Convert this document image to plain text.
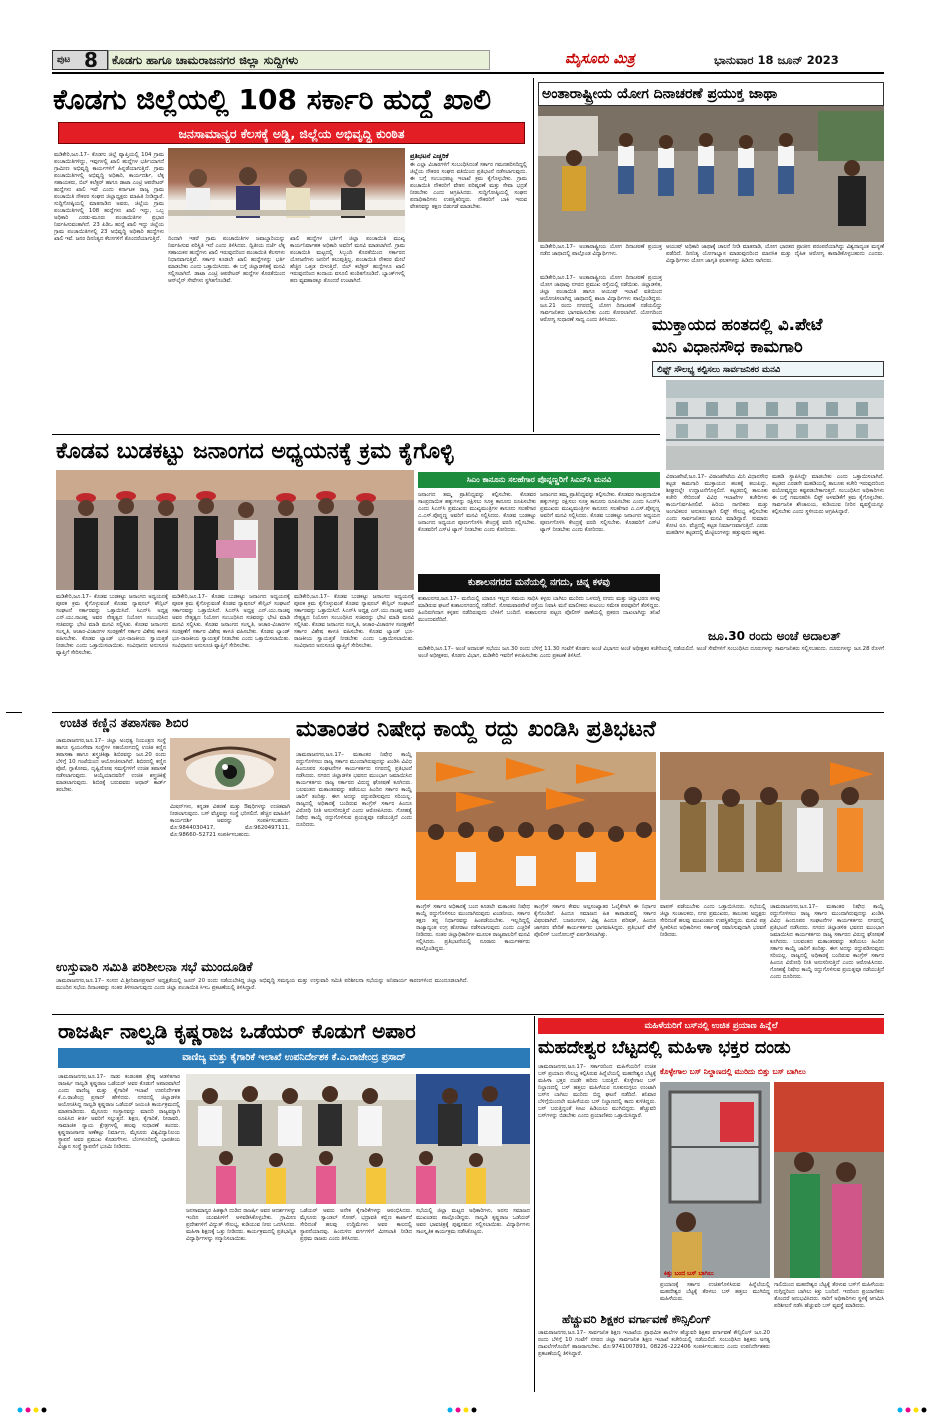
ಪುಟ 8 ಕೊಡಗು ಹಾಗೂ ಚಾಮರಾಜನಗರ ಜಿಲ್ಲಾ ಸುದ್ದಿಗಳು	ಮೈಸೂರು ಮಿತ್ರ	ಭಾನುವಾರ 18 ಜೂನ್ 2023
ಕೊಡಗು ಜಿಲ್ಲೆಯಲ್ಲಿ 108 ಸರ್ಕಾರಿ ಹುದ್ದೆ ಖಾಲಿ
ಜನಸಾಮಾನ್ಯರ ಕೆಲಸಕ್ಕೆ ಅಡ್ಡಿ, ಜಿಲ್ಲೆಯ ಅಭಿವೃದ್ಧಿ ಕುಂಠಿತ
ಮಡಿಕೇರಿ,ಜೂ.17– ಕೊಡಗು ಜಿಲ್ಲೆ ವ್ಯಾಪ್ತಿಯಲ್ಲಿ 104 ಗ್ರಾಮ ಪಂಚಾಯಿತಿಗಳಿದ್ದು, ಇವುಗಳಲ್ಲಿ ಖಾಲಿ ಹುದ್ದೆಗಳ ಭರ್ತಿಯಾಗದೆ ಗ್ರಾಮೀಣ ಅಭಿವೃದ್ಧಿ ಕಾರ್ಯಗಳಿಗೆ ಹಿನ್ನಡೆಯಾಗುತ್ತಿದೆ. ಗ್ರಾಮ ಪಂಚಾಯಿತಿಗಳಲ್ಲಿ ಅಭಿವೃದ್ಧಿ ಅಧಿಕಾರಿ, ಕಾರ್ಯದರ್ಶಿ, ಲೆಕ್ಕ ಸಹಾಯಕರು, ಬಿಲ್ ಕಲೆಕ್ಟರ್ ಹಾಗೂ ಡಾಟಾ ಎಂಟ್ರಿ ಆಪರೇಟರ್ ಹುದ್ದೆಗಳು ಖಾಲಿ ಇವೆ ಎಂದು ಕರ್ನಾಟಕ ರಾಜ್ಯ ಗ್ರಾಮ ಪಂಚಾಯಿತಿ ನೌಕರರ ಸಂಘದ ಜಿಲ್ಲಾಧ್ಯಕ್ಷರು ಮಾಹಿತಿ ನೀಡಿದ್ದಾರೆ. ಸುದ್ದಿಗೋಷ್ಠಿಯಲ್ಲಿ ಮಾತನಾಡಿದ ಅವರು, ಜಿಲ್ಲೆಯ ಗ್ರಾಮ ಪಂಚಾಯಿತಿಗಳಲ್ಲಿ 108 ಹುದ್ದೆಗಳು ಖಾಲಿ ಇದ್ದು, ಒಬ್ಬ ಅಧಿಕಾರಿ ಎರಡು-ಮೂರು ಪಂಚಾಯಿತಿಗಳ ಪ್ರಭಾರ ನಿರ್ವಹಿಸುವಂತಾಗಿದೆ. 23 ಪಿಡಿಒ ಹುದ್ದೆ ಖಾಲಿ ಇದ್ದು ಜಿಲ್ಲೆಯ ಗ್ರಾಮ ಪಂಚಾಯಿತಿಗಳಲ್ಲಿ 23 ಅಭಿವೃದ್ಧಿ ಅಧಿಕಾರಿ ಹುದ್ದೆಗಳು ಖಾಲಿ ಇವೆ. ಜನರ ದಿನನಿತ್ಯದ ಕೆಲಸಗಳಿಗೆ ತೊಂದರೆಯಾಗುತ್ತಿದೆ.	ದಿಂದಾಗಿ ಇತರೆ ಗ್ರಾಮ ಪಂಚಾಯಿತಿಗಳ ಜವಾಬ್ದಾರಿಯನ್ನು ನಿರ್ವಹಿಸುವ ಪರಿಸ್ಥಿತಿ ಇದೆ ಎಂದು ತಿಳಿಸಿದರು. ದ್ವಿತೀಯ ದರ್ಜೆ ಲೆಕ್ಕ ಸಹಾಯಕರ ಹುದ್ದೆಗಳು ಖಾಲಿ ಇರುವುದರಿಂದ ಪಂಚಾಯಿತಿ ಕೆಲಸಗಳು ನಿಧಾನವಾಗುತ್ತಿವೆ. ಸರ್ಕಾರ ಕೂಡಲೇ ಖಾಲಿ ಹುದ್ದೆಗಳನ್ನು ಭರ್ತಿ ಮಾಡಬೇಕು ಎಂದು ಒತ್ತಾಯಿಸಿದರು. ಈ ಬಗ್ಗೆ ಜಿಲ್ಲಾಡಳಿತಕ್ಕೆ ಮನವಿ ಸಲ್ಲಿಸಲಾಗಿದೆ. ಡಾಟಾ ಎಂಟ್ರಿ ಆಪರೇಟರ್ ಹುದ್ದೆಗಳ ಕೊರತೆಯಿಂದ ಆನ್‌ಲೈನ್ ಸೇವೆಗಳು ಸ್ಥಗಿತಗೊಂಡಿವೆ.
ಖಾಲಿ ಹುದ್ದೆಗಳ ಭರ್ತಿಗೆ ಜಿಲ್ಲಾ ಪಂಚಾಯಿತಿ ಮುಖ್ಯ ಕಾರ್ಯನಿರ್ವಾಹಕ ಅಧಿಕಾರಿ ಅವರಿಗೆ ಮನವಿ ಮಾಡಲಾಗಿದೆ. ಗ್ರಾಮ ಪಂಚಾಯಿತಿ ಮಟ್ಟದಲ್ಲಿ ಸಿಬ್ಬಂದಿ ಕೊರತೆಯಿಂದ ಸರ್ಕಾರದ ಯೋಜನೆಗಳು ಜನರಿಗೆ ತಲುಪುತ್ತಿಲ್ಲ. ಪಂಚಾಯಿತಿ ನೌಕರರ ಮೇಲೆ ಹೆಚ್ಚಿನ ಒತ್ತಡ ಬೀಳುತ್ತಿದೆ. ಬಿಲ್ ಕಲೆಕ್ಟರ್ ಹುದ್ದೆಗಳೂ ಖಾಲಿ ಇರುವುದರಿಂದ ಕಂದಾಯ ವಸೂಲಿ ಕುಂಠಿತಗೊಂಡಿದೆ. ಬ್ಯಾಂಕ್‌ಗಳಲ್ಲಿ ಹಣ ವ್ಯವಹಾರಕ್ಕೂ ತೊಂದರೆ ಉಂಟಾಗಿದೆ.
ಪ್ರತಿಭಟನೆ ಎಚ್ಚರಿಕೆ
ಈ ಎಲ್ಲಾ ವಿಚಾರಗಳಿಗೆ ಸಂಬಂಧಿಸಿದಂತೆ ಸರ್ಕಾರ ಗಮನಹರಿಸದಿದ್ದಲ್ಲಿ ಜಿಲ್ಲೆಯ ನೌಕರರ ಸಂಘದ ವತಿಯಿಂದ ಪ್ರತಿಭಟನೆ ನಡೆಸಲಾಗುವುದು. ಈ ಬಗ್ಗೆ ಸಂಬಂಧಪಟ್ಟ ಇಲಾಖೆ ಕ್ರಮ ಕೈಗೊಳ್ಳಬೇಕು. ಗ್ರಾಮ ಪಂಚಾಯಿತಿ ನೌಕರರಿಗೆ ವೇತನ ಪರಿಷ್ಕರಣೆ ಮತ್ತು ಸೇವಾ ಭದ್ರತೆ ನೀಡಬೇಕು ಎಂದು ಆಗ್ರಹಿಸಿದರು. ಸುದ್ದಿಗೋಷ್ಠಿಯಲ್ಲಿ ಸಂಘದ ಪದಾಧಿಕಾರಿಗಳು ಉಪಸ್ಥಿತರಿದ್ದರು. ನೌಕರರಿಗೆ ಬಾಕಿ ಇರುವ ವೇತನವನ್ನು ತಕ್ಷಣ ಬಿಡುಗಡೆ ಮಾಡಬೇಕು.
ಅಂತಾರಾಷ್ಟ್ರೀಯ ಯೋಗ ದಿನಾಚರಣೆ ಪ್ರಯುಕ್ತ ಜಾಥಾ
ಮಡಿಕೇರಿ,ಜೂ.17– ಅಂತಾರಾಷ್ಟ್ರೀಯ ಯೋಗ ದಿನಾಚರಣೆ ಪ್ರಯುಕ್ತ ನಡೆದ ಜಾಥಾದಲ್ಲಿ ಪಾಲ್ಗೊಂಡ ವಿದ್ಯಾರ್ಥಿಗಳು.
ಮಡಿಕೇರಿ,ಜೂ.17– ಅಂತಾರಾಷ್ಟ್ರೀಯ ಯೋಗ ದಿನಾಚರಣೆ ಪ್ರಯುಕ್ತ ಯೋಗ ಜಾಥಾವು ನಗರದ ಪ್ರಮುಖ ರಸ್ತೆಯಲ್ಲಿ ನಡೆಯಿತು. ಜಿಲ್ಲಾಡಳಿತ, ಜಿಲ್ಲಾ ಪಂಚಾಯಿತಿ ಹಾಗೂ ಆಯುಷ್ ಇಲಾಖೆ ವತಿಯಿಂದ ಆಯೋಜಿಸಲಾಗಿದ್ದ ಜಾಥಾದಲ್ಲಿ ಶಾಲಾ ವಿದ್ಯಾರ್ಥಿಗಳು ಪಾಲ್ಗೊಂಡಿದ್ದರು. ಜೂ.21 ರಂದು ನಗರದಲ್ಲಿ ಯೋಗ ದಿನಾಚರಣೆ ನಡೆಯಲಿದ್ದು ಸಾರ್ವಜನಿಕರು ಭಾಗವಹಿಸಬೇಕು ಎಂದು ಕೋರಲಾಗಿದೆ. ಯೋಗದಿಂದ ಆರೋಗ್ಯ ಸುಧಾರಣೆ ಸಾಧ್ಯ ಎಂದು ತಿಳಿಸಿದರು.
ಆಯುಷ್ ಅಧಿಕಾರಿ ಜಾಥಾಕ್ಕೆ ಚಾಲನೆ ನೀಡಿ ಮಾತನಾಡಿ, ಯೋಗ ಭಾರತದ ಪ್ರಾಚೀನ ಪರಂಪರೆಯಾಗಿದ್ದು ವಿಶ್ವದಾದ್ಯಂತ ಮನ್ನಣೆ ಪಡೆದಿದೆ. ದಿನನಿತ್ಯ ಯೋಗಾಭ್ಯಾಸ ಮಾಡುವುದರಿಂದ ಮಾನಸಿಕ ಮತ್ತು ದೈಹಿಕ ಆರೋಗ್ಯ ಕಾಪಾಡಿಕೊಳ್ಳಬಹುದು ಎಂದರು. ವಿದ್ಯಾರ್ಥಿಗಳು ಯೋಗ ಜಾಗೃತಿ ಫಲಕಗಳನ್ನು ಹಿಡಿದು ಸಾಗಿದರು.
ಮುಕ್ತಾಯದ ಹಂತದಲ್ಲಿ ವಿ.ಪೇಟೆ
ಮಿನಿ ವಿಧಾನಸೌಧ ಕಾಮಗಾರಿ
ಲಿಫ್ಟ್ ಸೌಲಭ್ಯ ಕಲ್ಪಿಸಲು ಸಾರ್ವಜನಿಕರ ಮನವಿ
ವಿರಾಜಪೇಟೆ,ಜೂ.17– ವಿರಾಜಪೇಟೆಯ ಮಿನಿ ವಿಧಾನಸೌಧ ಕಟ್ಟಡ ಕಾಮಗಾರಿ ಮುಕ್ತಾಯದ ಹಂತಕ್ಕೆ ತಲುಪಿದ್ದು, ಶೀಘ್ರದಲ್ಲೇ ಉದ್ಘಾಟನೆಗೊಳ್ಳಲಿದೆ. ಕಟ್ಟಡದಲ್ಲಿ ತಾಲೂಕು ಕಚೇರಿ ಸೇರಿದಂತೆ ವಿವಿಧ ಇಲಾಖೆಗಳ ಕಚೇರಿಗಳು ಕಾರ್ಯನಿರ್ವಹಿಸಲಿವೆ. ಹಿರಿಯ ನಾಗರಿಕರು ಮತ್ತು ಅಂಗವಿಕಲರ ಅನುಕೂಲಕ್ಕಾಗಿ ಲಿಫ್ಟ್ ಸೌಲಭ್ಯ ಕಲ್ಪಿಸಬೇಕು ಎಂದು ಸಾರ್ವಜನಿಕರು ಮನವಿ ಮಾಡಿದ್ದಾರೆ. ಸುಮಾರು ಕೋಟಿ ರೂ. ವೆಚ್ಚದಲ್ಲಿ ಕಟ್ಟಡ ನಿರ್ಮಾಣವಾಗುತ್ತಿದೆ. ಎರಡು ಮಹಡಿಗಳ ಕಟ್ಟಡದಲ್ಲಿ ಮೆಟ್ಟಿಲುಗಳನ್ನು ಹತ್ತುವುದು ಕಷ್ಟಕರ.
ಮಹಡಿ ಸ್ಥಾಪಿಸಿದ್ದೇ ಮಾಡಬೇಕು ಎಂದು ಒತ್ತಾಯಿಸಲಾಗಿದೆ. ಕಟ್ಟಡದ ಎರಡನೇ ಮಹಡಿಯಲ್ಲಿ ತಾಲೂಕು ಕಚೇರಿ ಇರುವುದರಿಂದ ವಯೋವೃದ್ಧರು ಕಷ್ಟಪಡಬೇಕಾಗುತ್ತದೆ. ಸಂಬಂಧಿಸಿದ ಅಧಿಕಾರಿಗಳು ಈ ಬಗ್ಗೆ ಗಮನಹರಿಸಿ ಲಿಫ್ಟ್ ಅಳವಡಿಕೆಗೆ ಕ್ರಮ ಕೈಗೊಳ್ಳಬೇಕು. ಸಾರ್ವಜನಿಕ ಶೌಚಾಲಯ, ಕುಡಿಯುವ ನೀರಿನ ವ್ಯವಸ್ಥೆಯನ್ನೂ ಕಲ್ಪಿಸಬೇಕು ಎಂದು ಸ್ಥಳೀಯರು ಆಗ್ರಹಿಸಿದ್ದಾರೆ.
ಕೊಡವ ಬುಡಕಟ್ಟು ಜನಾಂಗದ ಅಧ್ಯಯನಕ್ಕೆ ಕ್ರಮ ಕೈಗೊಳ್ಳಿ
ಮಡಿಕೇರಿ,ಜೂ.17– ಕೊಡವ ಬುಡಕಟ್ಟು ಜನಾಂಗದ ಅಧ್ಯಯನಕ್ಕೆ ಪೂರಕ ಕ್ರಮ ಕೈಗೊಳ್ಳುವಂತೆ ಕೊಡವ ನ್ಯಾಷನಲ್ ಕೌನ್ಸಿಲ್ ಸಂಘಟನೆ ಸರ್ಕಾರವನ್ನು ಒತ್ತಾಯಿಸಿದೆ. ಸಿಎನ್‌ಸಿ ಅಧ್ಯಕ್ಷ ಎನ್.ಯು.ನಾಚಪ್ಪ ಅವರ ನೇತೃತ್ವದ ನಿಯೋಗ ಸಂಬಂಧಿಸಿದ ಸಚಿವರನ್ನು ಭೇಟಿ ಮಾಡಿ ಮನವಿ ಸಲ್ಲಿಸಿತು. ಕೊಡವ ಜನಾಂಗದ ಸಂಸ್ಕೃತಿ, ಆಚಾರ-ವಿಚಾರಗಳ ಸಂರಕ್ಷಣೆಗೆ ಸರ್ಕಾರ ವಿಶೇಷ ಕಾಳಜಿ ವಹಿಸಬೇಕು. ಕೊಡವ ಲ್ಯಾಂಡ್ ಭೂ-ರಾಜಕೀಯ ಸ್ವಾಯತ್ತತೆ ನೀಡಬೇಕು ಎಂದು ಒತ್ತಾಯಿಸಲಾಯಿತು. ಸಂವಿಧಾನದ ಅನುಸೂಚಿ ವ್ಯಾಪ್ತಿಗೆ ಸೇರಿಸಬೇಕು.
ಮಡಿಕೇರಿ,ಜೂ.17– ಕೊಡವ ಬುಡಕಟ್ಟು ಜನಾಂಗದ ಅಧ್ಯಯನಕ್ಕೆ ಪೂರಕ ಕ್ರಮ ಕೈಗೊಳ್ಳುವಂತೆ ಕೊಡವ ನ್ಯಾಷನಲ್ ಕೌನ್ಸಿಲ್ ಸಂಘಟನೆ ಸರ್ಕಾರವನ್ನು ಒತ್ತಾಯಿಸಿದೆ. ಸಿಎನ್‌ಸಿ ಅಧ್ಯಕ್ಷ ಎನ್.ಯು.ನಾಚಪ್ಪ ಅವರ ನೇತೃತ್ವದ ನಿಯೋಗ ಸಂಬಂಧಿಸಿದ ಸಚಿವರನ್ನು ಭೇಟಿ ಮಾಡಿ ಮನವಿ ಸಲ್ಲಿಸಿತು. ಕೊಡವ ಜನಾಂಗದ ಸಂಸ್ಕೃತಿ, ಆಚಾರ-ವಿಚಾರಗಳ ಸಂರಕ್ಷಣೆಗೆ ಸರ್ಕಾರ ವಿಶೇಷ ಕಾಳಜಿ ವಹಿಸಬೇಕು. ಕೊಡವ ಲ್ಯಾಂಡ್ ಭೂ-ರಾಜಕೀಯ ಸ್ವಾಯತ್ತತೆ ನೀಡಬೇಕು ಎಂದು ಒತ್ತಾಯಿಸಲಾಯಿತು. ಸಂವಿಧಾನದ ಅನುಸೂಚಿ ವ್ಯಾಪ್ತಿಗೆ ಸೇರಿಸಬೇಕು.
ಮಡಿಕೇರಿ,ಜೂ.17– ಕೊಡವ ಬುಡಕಟ್ಟು ಜನಾಂಗದ ಅಧ್ಯಯನಕ್ಕೆ ಪೂರಕ ಕ್ರಮ ಕೈಗೊಳ್ಳುವಂತೆ ಕೊಡವ ನ್ಯಾಷನಲ್ ಕೌನ್ಸಿಲ್ ಸಂಘಟನೆ ಸರ್ಕಾರವನ್ನು ಒತ್ತಾಯಿಸಿದೆ. ಸಿಎನ್‌ಸಿ ಅಧ್ಯಕ್ಷ ಎನ್.ಯು.ನಾಚಪ್ಪ ಅವರ ನೇತೃತ್ವದ ನಿಯೋಗ ಸಂಬಂಧಿಸಿದ ಸಚಿವರನ್ನು ಭೇಟಿ ಮಾಡಿ ಮನವಿ ಸಲ್ಲಿಸಿತು. ಕೊಡವ ಜನಾಂಗದ ಸಂಸ್ಕೃತಿ, ಆಚಾರ-ವಿಚಾರಗಳ ಸಂರಕ್ಷಣೆಗೆ ಸರ್ಕಾರ ವಿಶೇಷ ಕಾಳಜಿ ವಹಿಸಬೇಕು. ಕೊಡವ ಲ್ಯಾಂಡ್ ಭೂ-ರಾಜಕೀಯ ಸ್ವಾಯತ್ತತೆ ನೀಡಬೇಕು ಎಂದು ಒತ್ತಾಯಿಸಲಾಯಿತು. ಸಂವಿಧಾನದ ಅನುಸೂಚಿ ವ್ಯಾಪ್ತಿಗೆ ಸೇರಿಸಬೇಕು.
ಸಿಎಂ ಕಾನೂನು ಸಲಹೆಗಾರ ಪೊನ್ನಣ್ಣರಿಗೆ ಸಿಎನ್‌ಸಿ ಮನವಿ
ಜನಾಂಗದ ತಮ್ಮ ಪ್ರಾತಿನಿಧ್ಯವನ್ನು ಕಲ್ಪಿಸಬೇಕು. ಕೊಡವರ ಸಾಂಪ್ರದಾಯಿಕ ಹಕ್ಕುಗಳನ್ನು ರಕ್ಷಿಸಲು ಸೂಕ್ತ ಕಾನೂನು ರೂಪಿಸಬೇಕು ಎಂದು ಸಿಎನ್‌ಸಿ ಪ್ರಮುಖರು ಮುಖ್ಯಮಂತ್ರಿಗಳ ಕಾನೂನು ಸಲಹೆಗಾರ ಎ.ಎಸ್.ಪೊನ್ನಣ್ಣ ಅವರಿಗೆ ಮನವಿ ಸಲ್ಲಿಸಿದರು. ಕೊಡವ ಬುಡಕಟ್ಟು ಜನಾಂಗದ ಅಧ್ಯಯನ ಪೂರ್ಣಗೊಳಿಸಿ ಕೇಂದ್ರಕ್ಕೆ ವರದಿ ಸಲ್ಲಿಸಬೇಕು. ಕೊಡವರಿಗೆ ಎಸ್‌ಟಿ ಟ್ಯಾಗ್ ನೀಡಬೇಕು ಎಂದು ಕೋರಿದರು.
ಜನಾಂಗದ ತಮ್ಮ ಪ್ರಾತಿನಿಧ್ಯವನ್ನು ಕಲ್ಪಿಸಬೇಕು. ಕೊಡವರ ಸಾಂಪ್ರದಾಯಿಕ ಹಕ್ಕುಗಳನ್ನು ರಕ್ಷಿಸಲು ಸೂಕ್ತ ಕಾನೂನು ರೂಪಿಸಬೇಕು ಎಂದು ಸಿಎನ್‌ಸಿ ಪ್ರಮುಖರು ಮುಖ್ಯಮಂತ್ರಿಗಳ ಕಾನೂನು ಸಲಹೆಗಾರ ಎ.ಎಸ್.ಪೊನ್ನಣ್ಣ ಅವರಿಗೆ ಮನವಿ ಸಲ್ಲಿಸಿದರು. ಕೊಡವ ಬುಡಕಟ್ಟು ಜನಾಂಗದ ಅಧ್ಯಯನ ಪೂರ್ಣಗೊಳಿಸಿ ಕೇಂದ್ರಕ್ಕೆ ವರದಿ ಸಲ್ಲಿಸಬೇಕು. ಕೊಡವರಿಗೆ ಎಸ್‌ಟಿ ಟ್ಯಾಗ್ ನೀಡಬೇಕು ಎಂದು ಕೋರಿದರು.
ಕುಶಾಲನಗರದ ಮನೆಯಲ್ಲಿ ನಗದು, ಚಿನ್ನ ಕಳವು
ಕುಶಾಲನಗರ,ಜೂ.17– ಮನೆಯಲ್ಲಿ ಯಾರೂ ಇಲ್ಲದ ಸಮಯ ಸಾಧಿಸಿ ಕಳ್ಳರು ಬಾಗಿಲು ಮುರಿದು ಒಳನುಗ್ಗಿ ನಗದು ಮತ್ತು ಚಿನ್ನಾಭರಣ ಕಳವು ಮಾಡಿರುವ ಘಟನೆ ಕುಶಾಲನಗರದಲ್ಲಿ ನಡೆದಿದೆ. ಸೋಮವಾರಪೇಟೆ ರಸ್ತೆಯ ನಿವಾಸಿ ಮನೆ ಮಾಲೀಕರು ಕುಟುಂಬ ಸಮೇತ ಪರವೂರಿಗೆ ತೆರಳಿದ್ದರು. ಹಿಂದಿರುಗಿದಾಗ ಕಳ್ಳತನ ನಡೆದಿರುವುದು ಬೆಳಕಿಗೆ ಬಂದಿದೆ. ಕುಶಾಲನಗರ ಪಟ್ಟಣ ಪೊಲೀಸ್ ಠಾಣೆಯಲ್ಲಿ ಪ್ರಕರಣ ದಾಖಲಾಗಿದ್ದು ತನಿಖೆ ಮುಂದುವರೆದಿದೆ.
ಜೂ.30 ರಂದು ಅಂಚೆ ಅದಾಲತ್
ಮಡಿಕೇರಿ,ಜೂ.17– ಅಂಚೆ ಅದಾಲತ್ ಸಭೆಯು ಜೂ.30 ರಂದು ಬೆಳಿಗ್ಗೆ 11.30 ಗಂಟೆಗೆ ಕೊಡಗು ಅಂಚೆ ವಿಭಾಗದ ಅಂಚೆ ಅಧೀಕ್ಷಕರ ಕಚೇರಿಯಲ್ಲಿ ನಡೆಯಲಿದೆ. ಅಂಚೆ ಸೇವೆಗಳಿಗೆ ಸಂಬಂಧಿಸಿದ ದೂರುಗಳನ್ನು ಸಾರ್ವಜನಿಕರು ಸಲ್ಲಿಸಬಹುದು. ದೂರುಗಳನ್ನು ಜೂ.28 ರೊಳಗೆ ಅಂಚೆ ಅಧೀಕ್ಷಕರು, ಕೊಡಗು ವಿಭಾಗ, ಮಡಿಕೇರಿ ಇವರಿಗೆ ಕಳುಹಿಸಬೇಕು ಎಂದು ಪ್ರಕಟಣೆ ತಿಳಿಸಿದೆ.
ಉಚಿತ ಕಣ್ಣಿನ ತಪಾಸಣಾ ಶಿಬಿರ
ಚಾಮರಾಜನಗರ,ಜೂ.17– ಜಿಲ್ಲಾ ಅಂಧತ್ವ ನಿಯಂತ್ರಣ ಸಂಸ್ಥೆ ಹಾಗೂ ಸ್ವಯಂಸೇವಾ ಸಂಸ್ಥೆಗಳ ಸಹಯೋಗದಲ್ಲಿ ಉಚಿತ ಕಣ್ಣಿನ ತಪಾಸಣಾ ಹಾಗೂ ಶಸ್ತ್ರಚಿಕಿತ್ಸಾ ಶಿಬಿರವನ್ನು ಜೂ.20 ರಂದು ಬೆಳಿಗ್ಗೆ 10 ಗಂಟೆಯಿಂದ ಆಯೋಜಿಸಲಾಗಿದೆ. ಶಿಬಿರದಲ್ಲಿ ಕಣ್ಣಿನ ಪೊರೆ, ಗ್ಲಾಕೋಮ, ದೃಷ್ಟಿದೋಷ ಸಮಸ್ಯೆಗಳಿಗೆ ಉಚಿತ ತಪಾಸಣೆ ನಡೆಸಲಾಗುವುದು. ಆಯ್ಕೆಯಾದವರಿಗೆ ಉಚಿತ ಶಸ್ತ್ರಚಿಕಿತ್ಸೆ ಮಾಡಲಾಗುವುದು. ಶಿಬಿರಕ್ಕೆ ಬರುವವರು ಆಧಾರ್ ಕಾರ್ಡ್ ತರಬೇಕು.
ಮಿಷನ್‌ಗಳು, ಕನ್ನಡಕ ವಿತರಣೆ ಮತ್ತು ಔಷಧಿಗಳನ್ನು ಉಚಿತವಾಗಿ ನೀಡಲಾಗುವುದು. ಬಸ್ ವೆಚ್ಚವನ್ನು ಸಂಸ್ಥೆ ಭರಿಸಲಿದೆ. ಹೆಚ್ಚಿನ ಮಾಹಿತಿಗೆ ಕಾರ್ಯದರ್ಶಿ ಅವರನ್ನು ಸಂಪರ್ಕಿಸಬಹುದು. ಮೊ:9844030417, ಮೊ:9620497111, ಮೊ:98660–52721 ಸಂಪರ್ಕಿಸಬಹುದು.
ಉಸ್ತುವಾರಿ ಸಮಿತಿ ಪರಿಶೀಲನಾ ಸಭೆ ಮುಂದೂಡಿಕೆ
ಚಾಮರಾಜನಗರ,ಜೂ.17– ಸಂಸದ ವಿ.ಶ್ರೀನಿವಾಸಪ್ರಸಾದ್ ಅಧ್ಯಕ್ಷತೆಯಲ್ಲಿ ಜೂನ್ 20 ರಂದು ನಡೆಯಬೇಕಿದ್ದ ಜಿಲ್ಲಾ ಅಭಿವೃದ್ಧಿ ಸಮನ್ವಯ ಮತ್ತು ಉಸ್ತುವಾರಿ ಸಮಿತಿ ಪರಿಶೀಲನಾ ಸಭೆಯನ್ನು ಅನಿವಾರ್ಯ ಕಾರಣಗಳಿಂದ ಮುಂದೂಡಲಾಗಿದೆ. ಮುಂದಿನ ಸಭೆಯ ದಿನಾಂಕವನ್ನು ನಂತರ ತಿಳಿಸಲಾಗುವುದು ಎಂದು ಜಿಲ್ಲಾ ಪಂಚಾಯಿತಿ ಸಿಇಒ ಪ್ರಕಟಣೆಯಲ್ಲಿ ತಿಳಿಸಿದ್ದಾರೆ.
ಮತಾಂತರ ನಿಷೇಧ ಕಾಯ್ದೆ ರದ್ದು ಖಂಡಿಸಿ ಪ್ರತಿಭಟನೆ
ಚಾಮರಾಜನಗರ,ಜೂ.17– ಮತಾಂತರ ನಿಷೇಧ ಕಾಯ್ದೆ ರದ್ದುಗೊಳಿಸಲು ರಾಜ್ಯ ಸರ್ಕಾರ ಮುಂದಾಗಿರುವುದನ್ನು ಖಂಡಿಸಿ ವಿವಿಧ ಹಿಂದೂಪರ ಸಂಘಟನೆಗಳ ಕಾರ್ಯಕರ್ತರು ನಗರದಲ್ಲಿ ಪ್ರತಿಭಟನೆ ನಡೆಸಿದರು. ನಗರದ ಜಿಲ್ಲಾಡಳಿತ ಭವನದ ಮುಂಭಾಗ ಜಮಾಯಿಸಿದ ಕಾರ್ಯಕರ್ತರು ರಾಜ್ಯ ಸರ್ಕಾರದ ವಿರುದ್ಧ ಘೋಷಣೆ ಕೂಗಿದರು. ಬಲವಂತದ ಮತಾಂತರವನ್ನು ತಡೆಯಲು ಹಿಂದಿನ ಸರ್ಕಾರ ಕಾಯ್ದೆ ಜಾರಿಗೆ ತಂದಿತ್ತು. ಈಗ ಅದನ್ನು ರದ್ದುಪಡಿಸುವುದು ಸರಿಯಲ್ಲ. ರಾಜ್ಯದಲ್ಲಿ ಅಧಿಕಾರಕ್ಕೆ ಬಂದಿರುವ ಕಾಂಗ್ರೆಸ್ ಸರ್ಕಾರ ಹಿಂದೂ ವಿರೋಧಿ ನೀತಿ ಅನುಸರಿಸುತ್ತಿದೆ ಎಂದು ಆರೋಪಿಸಿದರು. ಗೋಹತ್ಯೆ ನಿಷೇಧ ಕಾಯ್ದೆ ರದ್ದುಗೊಳಿಸುವ ಪ್ರಯತ್ನವೂ ನಡೆಯುತ್ತಿದೆ ಎಂದು ದೂರಿದರು.
ಕಾಂಗ್ರೆಸ್ ಸರ್ಕಾರ ಅಧಿಕಾರಕ್ಕೆ ಬಂದ ಕೂಡಲೇ ಮತಾಂತರ ನಿಷೇಧ ಕಾಯ್ದೆ ರದ್ದುಗೊಳಿಸಲು ಮುಂದಾಗಿರುವುದು ಖಂಡನೀಯ. ಸರ್ಕಾರ ತಕ್ಷಣ ತನ್ನ ನಿರ್ಧಾರವನ್ನು ಹಿಂಪಡೆಯಬೇಕು. ಇಲ್ಲದಿದ್ದಲ್ಲಿ ರಾಜ್ಯಾದ್ಯಂತ ಉಗ್ರ ಹೋರಾಟ ನಡೆಸಲಾಗುವುದು ಎಂದು ಎಚ್ಚರಿಕೆ ನೀಡಿದರು. ನಂತರ ಜಿಲ್ಲಾಧಿಕಾರಿಗಳ ಮೂಲಕ ರಾಜ್ಯಪಾಲರಿಗೆ ಮನವಿ ಸಲ್ಲಿಸಿದರು. ಪ್ರತಿಭಟನೆಯಲ್ಲಿ ನೂರಾರು ಕಾರ್ಯಕರ್ತರು ಪಾಲ್ಗೊಂಡಿದ್ದರು.
ಕಾಂಗ್ರೆಸ್ ಸರ್ಕಾರ ಕೇವಲ ಅಲ್ಪಸಂಖ್ಯಾತರ ಓಲೈಕೆಗಾಗಿ ಈ ನಿರ್ಧಾರ ಕೈಗೊಂಡಿದೆ. ಹಿಂದೂ ಸಮಾಜದ ಹಿತ ಕಾಪಾಡುವಲ್ಲಿ ಸರ್ಕಾರ ವಿಫಲವಾಗಿದೆ. ಬಜರಂಗದಳ, ವಿಶ್ವ ಹಿಂದೂ ಪರಿಷತ್, ಹಿಂದೂ ಜಾಗರಣ ವೇದಿಕೆ ಕಾರ್ಯಕರ್ತರು ಭಾಗವಹಿಸಿದ್ದರು. ಪ್ರತಿಭಟನೆ ವೇಳೆ ಪೊಲೀಸ್ ಬಂದೋಬಸ್ತ್ ಏರ್ಪಡಿಸಲಾಗಿತ್ತು.
ವಾಪಸ್ ಪಡೆಯಬೇಕು ಎಂದು ಒತ್ತಾಯಿಸಿದರು. ಸಭೆಯಲ್ಲಿ ಜಿಲ್ಲಾ ಸಂಚಾಲಕರು, ನಗರ ಪ್ರಮುಖರು, ತಾಲೂಕು ಅಧ್ಯಕ್ಷರು ಸೇರಿದಂತೆ ಹಲವು ಮುಖಂಡರು ಉಪಸ್ಥಿತರಿದ್ದರು. ಮನವಿ ಪತ್ರ ಸ್ವೀಕರಿಸಿದ ಅಧಿಕಾರಿಗಳು ಸರ್ಕಾರಕ್ಕೆ ರವಾನಿಸುವುದಾಗಿ ಭರವಸೆ ನೀಡಿದರು.
ಚಾಮರಾಜನಗರ,ಜೂ.17– ಮತಾಂತರ ನಿಷೇಧ ಕಾಯ್ದೆ ರದ್ದುಗೊಳಿಸಲು ರಾಜ್ಯ ಸರ್ಕಾರ ಮುಂದಾಗಿರುವುದನ್ನು ಖಂಡಿಸಿ ವಿವಿಧ ಹಿಂದೂಪರ ಸಂಘಟನೆಗಳ ಕಾರ್ಯಕರ್ತರು ನಗರದಲ್ಲಿ ಪ್ರತಿಭಟನೆ ನಡೆಸಿದರು. ನಗರದ ಜಿಲ್ಲಾಡಳಿತ ಭವನದ ಮುಂಭಾಗ ಜಮಾಯಿಸಿದ ಕಾರ್ಯಕರ್ತರು ರಾಜ್ಯ ಸರ್ಕಾರದ ವಿರುದ್ಧ ಘೋಷಣೆ ಕೂಗಿದರು. ಬಲವಂತದ ಮತಾಂತರವನ್ನು ತಡೆಯಲು ಹಿಂದಿನ ಸರ್ಕಾರ ಕಾಯ್ದೆ ಜಾರಿಗೆ ತಂದಿತ್ತು. ಈಗ ಅದನ್ನು ರದ್ದುಪಡಿಸುವುದು ಸರಿಯಲ್ಲ. ರಾಜ್ಯದಲ್ಲಿ ಅಧಿಕಾರಕ್ಕೆ ಬಂದಿರುವ ಕಾಂಗ್ರೆಸ್ ಸರ್ಕಾರ ಹಿಂದೂ ವಿರೋಧಿ ನೀತಿ ಅನುಸರಿಸುತ್ತಿದೆ ಎಂದು ಆರೋಪಿಸಿದರು. ಗೋಹತ್ಯೆ ನಿಷೇಧ ಕಾಯ್ದೆ ರದ್ದುಗೊಳಿಸುವ ಪ್ರಯತ್ನವೂ ನಡೆಯುತ್ತಿದೆ ಎಂದು ದೂರಿದರು.
ರಾಜರ್ಷಿ ನಾಲ್ವಡಿ ಕೃಷ್ಣರಾಜ ಒಡೆಯರ್ ಕೊಡುಗೆ ಅಪಾರ
ವಾಣಿಜ್ಯ ಮತ್ತು ಕೈಗಾರಿಕೆ ಇಲಾಖೆ ಉಪನಿರ್ದೇಶಕ ಕೆ.ಎ.ರಾಜೇಂದ್ರ ಪ್ರಸಾದ್
ಚಾಮರಾಜನಗರ,ಜೂ.17– ನಾಡು ಕಂಡಂತಹ ಶ್ರೇಷ್ಠ ಆಡಳಿತಗಾರ ರಾಜರ್ಷಿ ನಾಲ್ವಡಿ ಕೃಷ್ಣರಾಜ ಒಡೆಯರ್ ಅವರ ಕೊಡುಗೆ ಅಪಾರವಾಗಿದೆ ಎಂದು ವಾಣಿಜ್ಯ ಮತ್ತು ಕೈಗಾರಿಕೆ ಇಲಾಖೆ ಉಪನಿರ್ದೇಶಕ ಕೆ.ಎ.ರಾಜೇಂದ್ರ ಪ್ರಸಾದ್ ಹೇಳಿದರು. ನಗರದಲ್ಲಿ ಜಿಲ್ಲಾಡಳಿತ ಆಯೋಜಿಸಿದ್ದ ನಾಲ್ವಡಿ ಕೃಷ್ಣರಾಜ ಒಡೆಯರ್ ಜಯಂತಿ ಕಾರ್ಯಕ್ರಮದಲ್ಲಿ ಮಾತನಾಡಿದರು. ಮೈಸೂರು ಸಂಸ್ಥಾನವನ್ನು ಮಾದರಿ ರಾಜ್ಯವನ್ನಾಗಿ ರೂಪಿಸಿದ ಕೀರ್ತಿ ಅವರಿಗೆ ಸಲ್ಲುತ್ತದೆ. ಶಿಕ್ಷಣ, ಕೈಗಾರಿಕೆ, ನೀರಾವರಿ, ಸಾಮಾಜಿಕ ನ್ಯಾಯ ಕ್ಷೇತ್ರಗಳಲ್ಲಿ ಹಲವು ಸುಧಾರಣೆ ತಂದರು. ಕೃಷ್ಣರಾಜಸಾಗರ ಅಣೆಕಟ್ಟು ನಿರ್ಮಾಣ, ಮೈಸೂರು ವಿಶ್ವವಿದ್ಯಾನಿಲಯ ಸ್ಥಾಪನೆ ಅವರ ಪ್ರಮುಖ ಕೊಡುಗೆಗಳು. ಬೆಂಗಳೂರಿನಲ್ಲಿ ಭಾರತೀಯ ವಿಜ್ಞಾನ ಸಂಸ್ಥೆ ಸ್ಥಾಪನೆಗೆ ಭೂಮಿ ನೀಡಿದರು.
ಜನಸಾಮಾನ್ಯರ ಹಿತಕ್ಕಾಗಿ ದುಡಿದ ರಾಜರ್ಷಿ ಅವರ ಆದರ್ಶಗಳನ್ನು ಇಂದಿನ ಯುವಪೀಳಿಗೆ ಅಳವಡಿಸಿಕೊಳ್ಳಬೇಕು. ಗ್ರಾಮೀಣ ಪ್ರದೇಶಗಳಿಗೆ ವಿದ್ಯುತ್ ಸೌಲಭ್ಯ, ಕುಡಿಯುವ ನೀರು ಒದಗಿಸಿದರು. ಮಹಿಳಾ ಶಿಕ್ಷಣಕ್ಕೆ ಒತ್ತು ನೀಡಿದರು. ಕಾರ್ಯಕ್ರಮದಲ್ಲಿ ಪ್ರತಿಭಾನ್ವಿತ ವಿದ್ಯಾರ್ಥಿಗಳನ್ನು ಸನ್ಮಾನಿಸಲಾಯಿತು.
ಒಡೆಯರ್ ಅವರು ಅನೇಕ ಕೈಗಾರಿಕೆಗಳನ್ನು ಆರಂಭಿಸಿದರು. ಮೈಸೂರು ಸ್ಯಾಂಡಲ್ ಸೋಪ್, ಭದ್ರಾವತಿ ಕಬ್ಬಿಣ ಕಾರ್ಖಾನೆ ಸೇರಿದಂತೆ ಹಲವು ಉದ್ದಿಮೆಗಳು ಅವರ ಕಾಲದಲ್ಲಿ ಸ್ಥಾಪನೆಯಾದವು. ಹಿಂದುಳಿದ ವರ್ಗಗಳಿಗೆ ಮೀಸಲಾತಿ ನೀಡಿದ ಪ್ರಥಮ ರಾಜರು ಎಂದು ತಿಳಿಸಿದರು.
ಸಭೆಯಲ್ಲಿ ಜಿಲ್ಲಾ ಮಟ್ಟದ ಅಧಿಕಾರಿಗಳು, ಅರಸು ಸಮಾಜದ ಮುಖಂಡರು ಪಾಲ್ಗೊಂಡಿದ್ದರು. ನಾಲ್ವಡಿ ಕೃಷ್ಣರಾಜ ಒಡೆಯರ್ ಅವರ ಭಾವಚಿತ್ರಕ್ಕೆ ಪುಷ್ಪನಮನ ಸಲ್ಲಿಸಲಾಯಿತು. ವಿದ್ಯಾರ್ಥಿಗಳು ಸಾಂಸ್ಕೃತಿಕ ಕಾರ್ಯಕ್ರಮ ನಡೆಸಿಕೊಟ್ಟರು.
ಮಹಿಳೆಯರಿಗೆ ಬಸ್‌ನಲ್ಲಿ ಉಚಿತ ಪ್ರಯಾಣ ಹಿನ್ನೆಲೆ
ಮಹದೇಶ್ವರ ಬೆಟ್ಟದಲ್ಲಿ ಮಹಿಳಾ ಭಕ್ತರ ದಂಡು
ಕೊಳ್ಳೇಗಾಲ ಬಸ್ ನಿಲ್ದಾಣದಲ್ಲಿ ಮುರಿದು ಬಿತ್ತು ಬಸ್ ಬಾಗಿಲು
ಚಾಮರಾಜನಗರ,ಜೂ.17– ಸರ್ಕಾರದಿಂದ ಮಹಿಳೆಯರಿಗೆ ಉಚಿತ ಬಸ್ ಪ್ರಯಾಣ ಸೌಲಭ್ಯ ಕಲ್ಪಿಸಿರುವ ಹಿನ್ನೆಲೆಯಲ್ಲಿ ಮಹದೇಶ್ವರ ಬೆಟ್ಟಕ್ಕೆ ಮಹಿಳಾ ಭಕ್ತರ ದಂಡೇ ಹರಿದು ಬರುತ್ತಿದೆ. ಕೊಳ್ಳೇಗಾಲ ಬಸ್ ನಿಲ್ದಾಣದಲ್ಲಿ ಬಸ್ ಹತ್ತಲು ಮಹಿಳೆಯರ ನೂಕುನುಗ್ಗಲು ಉಂಟಾಗಿ ಬಸ್‌ನ ಬಾಗಿಲು ಮುರಿದು ಬಿದ್ದ ಘಟನೆ ನಡೆದಿದೆ. ಶನಿವಾರ ಬೆಳಿಗ್ಗೆಯಿಂದಲೇ ಮಹಿಳೆಯರು ಬಸ್ ನಿಲ್ದಾಣದಲ್ಲಿ ಕಾದು ಕುಳಿತಿದ್ದರು. ಬಸ್ ಬರುತ್ತಿದ್ದಂತೆ ಸೀಟು ಹಿಡಿಯಲು ಮುಗಿಬಿದ್ದರು. ಹೆಚ್ಚುವರಿ ಬಸ್‌ಗಳನ್ನು ಬಿಡಬೇಕು ಎಂದು ಪ್ರಯಾಣಿಕರು ಒತ್ತಾಯಿಸಿದ್ದಾರೆ.
ಕಿತ್ತು ಬಂದ ಬಸ್ ಬಾಗಿಲು
ಪ್ರಯಾಣಕ್ಕೆ ಸರ್ಕಾರ ಉಚಿತಗೊಳಿಸಿರುವ ಹಿನ್ನೆಲೆಯಲ್ಲಿ ಮಹದೇಶ್ವರ ಬೆಟ್ಟಕ್ಕೆ ತೆರಳಲು ಬಸ್ ಹತ್ತಲು ಮುಗಿಬಿದ್ದ ಮಹಿಳೆಯರು.
ಗಾಲಿಯಿಂದ ಮಹದೇಶ್ವರ ಬೆಟ್ಟಕ್ಕೆ ತೆರಳುವ ಬಸ್‌ಗೆ ಮಹಿಳೆಯರು ನುಗ್ಗಿದ್ದರಿಂದ ಬಾಗಿಲು ಕಿತ್ತು ಬಂದಿದೆ. ಇದರಿಂದ ಪ್ರಯಾಣಿಕರು ತೊಂದರೆ ಅನುಭವಿಸಿದರು. ಸಾರಿಗೆ ಅಧಿಕಾರಿಗಳು ಸ್ಥಳಕ್ಕೆ ಆಗಮಿಸಿ ಪರಿಶೀಲನೆ ನಡೆಸಿ ಹೆಚ್ಚುವರಿ ಬಸ್ ವ್ಯವಸ್ಥೆ ಮಾಡಿದರು.
ಹೆಚ್ಚುವರಿ ಶಿಕ್ಷಕರ ವರ್ಗಾವಣೆ ಕೌನ್ಸಿಲಿಂಗ್
ಚಾಮರಾಜನಗರ,ಜೂ.17– ಸಾರ್ವಜನಿಕ ಶಿಕ್ಷಣ ಇಲಾಖೆಯ ಪ್ರಾಥಮಿಕ ಶಾಲೆಗಳ ಹೆಚ್ಚುವರಿ ಶಿಕ್ಷಕರ ವರ್ಗಾವಣೆ ಕೌನ್ಸಿಲಿಂಗ್ ಜೂ.20 ರಂದು ಬೆಳಿಗ್ಗೆ 10 ಗಂಟೆಗೆ ನಗರದ ಜಿಲ್ಲಾ ಸಾರ್ವಜನಿಕ ಶಿಕ್ಷಣ ಇಲಾಖೆ ಕಚೇರಿಯಲ್ಲಿ ನಡೆಯಲಿದೆ. ಸಂಬಂಧಿಸಿದ ಶಿಕ್ಷಕರು ಅಗತ್ಯ ದಾಖಲೆಗಳೊಂದಿಗೆ ಹಾಜರಾಗಬೇಕು. ಮೊ:9741007891, 08226–222406 ಸಂಪರ್ಕಿಸಬಹುದು ಎಂದು ಉಪನಿರ್ದೇಶಕರು ಪ್ರಕಟಣೆಯಲ್ಲಿ ತಿಳಿಸಿದ್ದಾರೆ.
